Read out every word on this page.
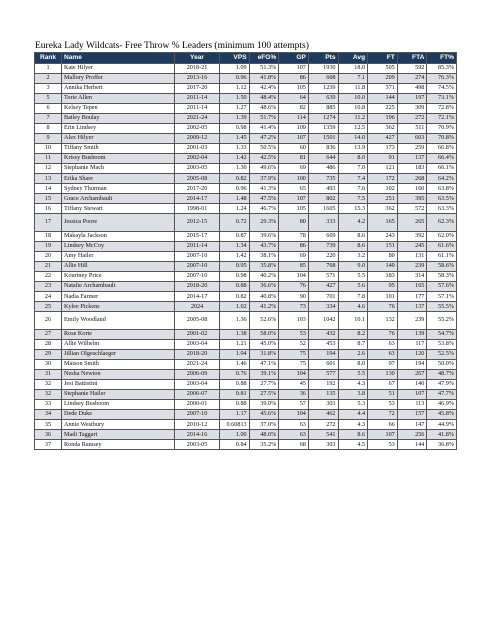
Eureka Lady Wildcats- Free Throw % Leaders (minimum 100 attempts)
Rank	Name	Year	VPS	eFG%	GP	Pts	Avg	FT	FTA	FT%
1	Kate Hilyer	2018-21	1.09	51.3%	107	1930	18.0	505	592	85.3%
2	Mallory Proffer	2013-16	0.96	41.8%	86	608	7.1	209	274	76.3%
3	Annika Herbert	2017-20	1.12	42.4%	105	1239	11.8	371	498	74.5%
5	Torie Allen	2011-14	1.50	48.4%	64	639	10.0	144	197	73.1%
6	Kelsey Tepen	2011-14	1.27	48.6%	82	885	10.8	225	309	72.8%
7	Bailey Boulay	2021-24	1.39	51.7%	114	1274	11.2	196	272	72.1%
8	Erin Lindsey	2002-05	0.98	41.4%	109	1359	12.5	362	511	70.9%
9	Alex Hilyer	2009-12	1.45	47.2%	107	1501	14.0	427	603	70.8%
10	Tiffany Smith	2001-03	1.33	50.5%	60	836	13.9	173	259	66.8%
11	Krissy Busboom	2002-04	1.42	42.5%	81	644	8.0	91	137	66.4%
12	Stephanie Mach	2003-05	1.30	49.6%	69	486	7.0	121	183	66.1%
13	Erika Share	2005-08	0.82	37.9%	100	735	7.4	172	268	64.2%
14	Sydney Thurman	2017-20	0.96	41.3%	65	493	7.6	102	160	63.8%
15	Grace Archambault	2014-17	1.48	47.5%	107	802	7.5	251	395	63.5%
16	Tiffany Stewart	1998-01	1.24	46.7%	105	1605	15.3	362	572	63.3%
17	Jessica Poore	2012-15	0.72	29.3%	80	333	4.2	165	265	62.3%
18	Makayla Jackson	2015-17	0.87	39.6%	78	669	8.6	243	392	62.0%
19	Lindsey McCoy	2011-14	1.34	43.7%	86	739	8.6	151	245	61.6%
20	Amy Hailer	2007-10	1.42	38.1%	69	220	3.2	80	131	61.1%
21	Allie Hill	2007-10	0.95	35.8%	85	768	9.0	140	239	58.6%
22	Kourtney Price	2007-10	0.98	40.2%	104	571	5.5	183	314	58.3%
23	Natalie Archambault	2018-20	0.88	36.6%	76	427	5.6	95	165	57.6%
24	Nadia Farmer	2014-17	0.82	40.8%	90	701	7.8	101	177	57.1%
25	Kylee Pickens	2024	1.02	41.2%	73	334	4.6	76	137	55.5%
26	Emily Woodland	2005-08	1.36	52.6%	103	1042	10.1	132	239	55.2%
27	Rose Korte	2001-02	1.38	58.0%	53	432	8.2	76	139	54.7%
28	Allie Wilhelm	2003-04	1.21	45.0%	52	453	8.7	63	117	53.8%
29	Jillian Olgeschlaeger	2018-20	1.04	31.8%	75	194	2.6	63	120	52.5%
30	Maison Smith	2021-24	1.46	47.1%	75	601	8.0	97	194	50.0%
31	Nesha Newton	2006-09	0.76	39.1%	104	577	5.5	130	267	48.7%
32	Jesi Battistini	2003-04	0.88	27.7%	45	192	4.3	67	140	47.9%
32	Stephanie Hailer	2006-07	0.81	27.5%	36	135	3.8	51	107	47.7%
33	Lindsey Busboom	2000-01	0.88	39.0%	57	303	5.3	53	113	46.9%
34	Dede Duke	2007-10	1.17	45.6%	104	462	4.4	72	157	45.8%
35	Annie Westbury	2010-12	0.60813	37.0%	63	272	4.3	66	147	44.9%
36	Madi Taggart	2014-16	1.00	48.0%	63	541	8.6	107	256	41.8%
37	Ronda Ramsey	2003-05	0.84	35.2%	68	303	4.5	53	144	36.8%
